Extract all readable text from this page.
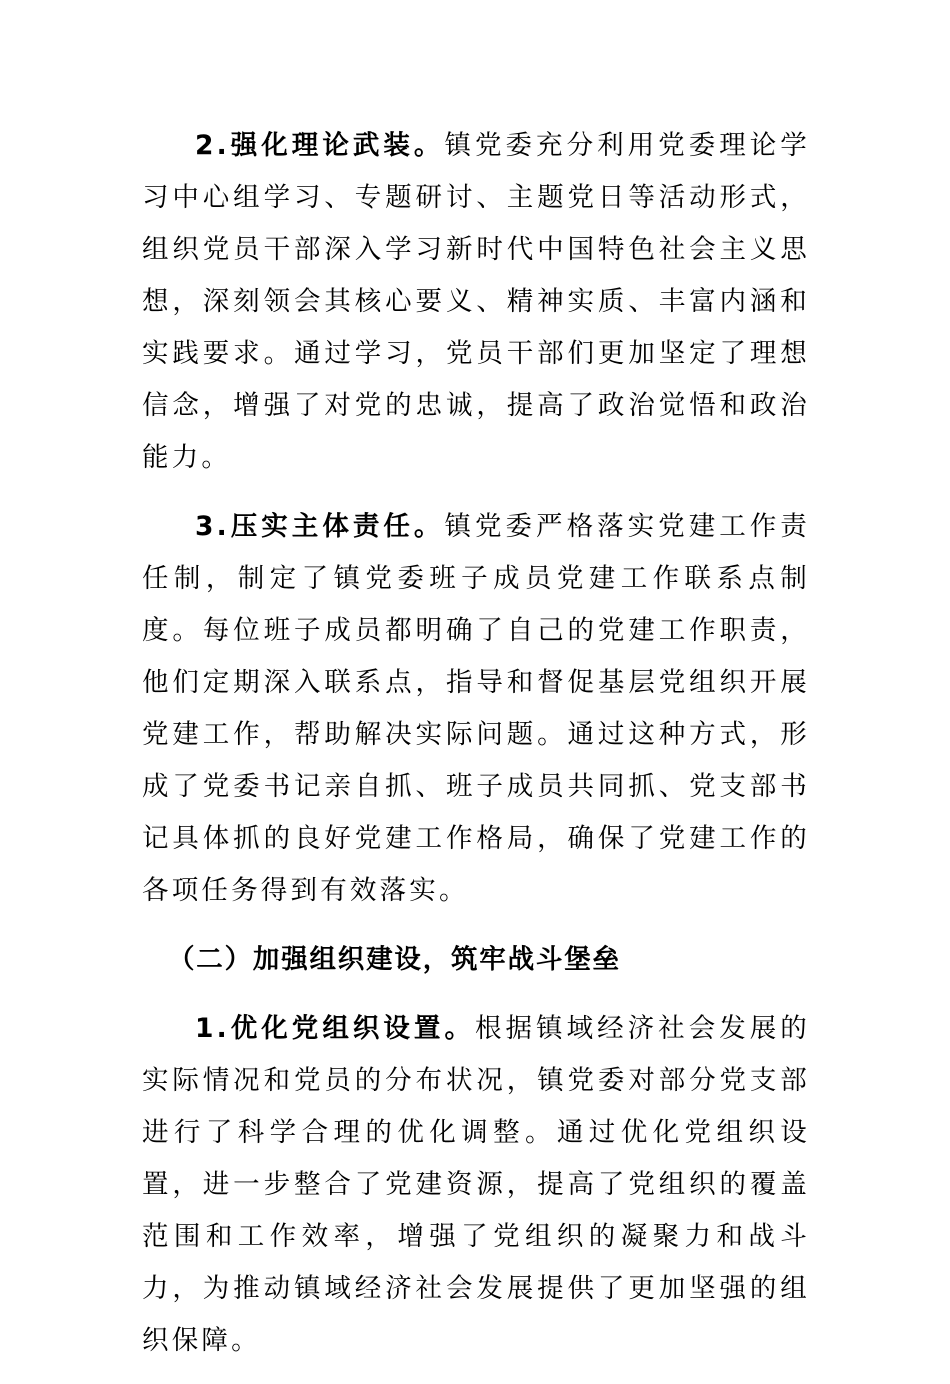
2.强化理论武装。镇党委充分利用党委理论学习中心组学习、专题研讨、主题党日等活动形式，组织党员干部深入学习新时代中国特色社会主义思想，深刻领会其核心要义、精神实质、丰富内涵和实践要求。通过学习，党员干部们更加坚定了理想信念，增强了对党的忠诚，提高了政治觉悟和政治能力。

3.压实主体责任。镇党委严格落实党建工作责任制，制定了镇党委班子成员党建工作联系点制度。每位班子成员都明确了自己的党建工作职责，他们定期深入联系点，指导和督促基层党组织开展党建工作，帮助解决实际问题。通过这种方式，形成了党委书记亲自抓、班子成员共同抓、党支部书记具体抓的良好党建工作格局，确保了党建工作的各项任务得到有效落实。

（二）加强组织建设，筑牢战斗堡垒

1.优化党组织设置。根据镇域经济社会发展的实际情况和党员的分布状况，镇党委对部分党支部进行了科学合理的优化调整。通过优化党组织设置，进一步整合了党建资源，提高了党组织的覆盖范围和工作效率，增强了党组织的凝聚力和战斗力，为推动镇域经济社会发展提供了更加坚强的组织保障。
